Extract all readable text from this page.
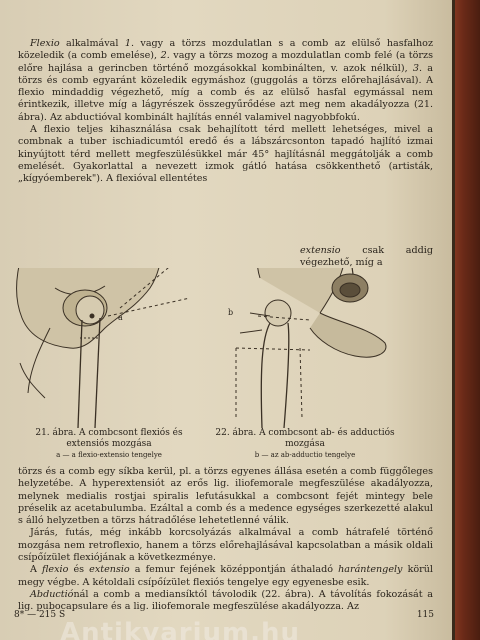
Flexio alkalmával 1. vagy a törzs mozdulatlan s a comb az elülső hasfalhoz közeledik (a comb emelése), 2. vagy a törzs mozog a mozdulatlan comb felé (a törzs előre hajlása a gerincben történő mozgásokkal kombinálten, v. azok nélkül), 3. a törzs és comb egyaránt közeledik egymáshoz (guggolás a törzs előrehajlásával). A flexio mindaddig végezhető, míg a comb és az elülső hasfal egymással nem érintkezik, illetve míg a lágyrészek összegyűrődése azt meg nem akadályozza (21. ábra). Az abductióval kombinált hajlítás ennél valamivel nagyobbfokú.

A flexio teljes kihasználása csak behajlított térd mellett lehetséges, mivel a combnak a tuber ischiadicumtól eredő és a lábszárcsonton tapadó hajlító izmai kinyújtott térd mellett megfeszülésükkel már 45° hajlításnál meggátolják a comb emelését. Gyakorlattal a nevezett izmok gátló hatása csökkenthető (artisták, „kígyóemberek"). A flexióval ellentétes

extensio csak addig végezhető, míg a
a
b
21. ábra. A combcsont flexiós és extensiós mozgása
a — a flexio-extensio tengelye
22. ábra. A combcsont ab- és adductiós mozgása
b — az ab-adductio tengelye

törzs és a comb egy síkba kerül, pl. a törzs egyenes állása esetén a comb függőleges helyzetébe. A hyperextensiót az erős lig. iliofemorale megfeszülése akadályozza, melynek medialis rostjai spiralis lefutásukkal a combcsont fejét mintegy bele préselik az acetabulumba. Ezáltal a comb és a medence egységes szerkezetté alakul s álló helyzetben a törzs hátradőlése lehetetlenné válik.

Járás, futás, még inkább korcsolyázás alkalmával a comb hátrafelé történő mozgása nem retroflexio, hanem a törzs előrehajlásával kapcsolatban a másik oldali csípőízület flexiójának a következménye.

A flexio és extensio a femur fejének középpontján áthaladó harántengely körül megy végbe. A kétoldali csípőízület flexiós tengelye egy egyenesbe esik.

Abductiónál a comb a mediansíktól távolodik (22. ábra). A távolítás fokozását a lig. pubocapsulare és a lig. iliofemorale megfeszülése akadályozza. Az

8* — 215 S	115
Antikvarium.hu
